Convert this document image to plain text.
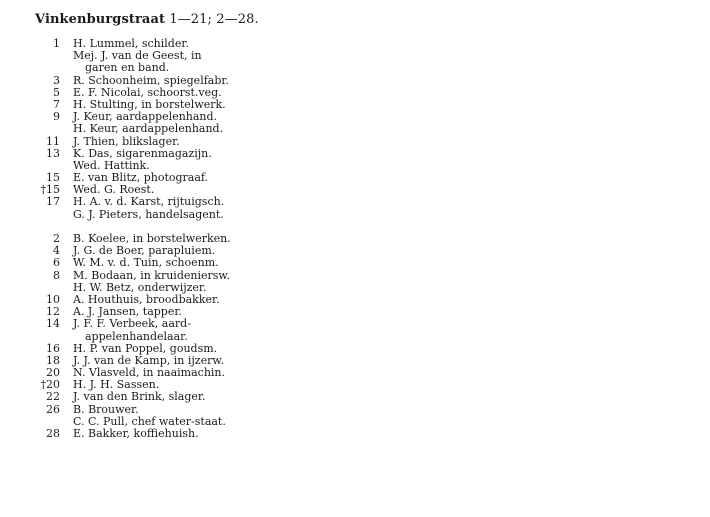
Vinkenburgstraat 1—21; 2—28.
1 H. Lummel, schilder.
Mej. J. van de Geest, in
garen en band.
3 R. Schoonheim, spiegelfabr.
5 E. F. Nicolai, schoorst.veg.
7 H. Stulting, in borstelwerk.
9 J. Keur, aardappelenhand.
H. Keur, aardappelenhand.
11 J. Thien, blikslager.
13 K. Das, sigarenmagazijn.
Wed. Hattink.
15 E. van Blitz, photograaf.
†15 Wed. G. Roest.
17 H. A. v. d. Karst, rijtuigsch.
G. J. Pieters, handelsagent.
2 B. Koelee, in borstelwerken.
4 J. G. de Boer, parapluiem.
6 W. M. v. d. Tuin, schoenm.
8 M. Bodaan, in kruideniersw.
H. W. Betz, onderwijzer.
10 A. Houthuis, broodbakker.
12 A. J. Jansen, tapper.
14 J. F. F. Verbeek, aard-
appelenhandelaar.
16 H. P. van Poppel, goudsm.
18 J. J. van de Kamp, in ijzerw.
20 N. Vlasveld, in naaimachin.
†20 H. J. H. Sassen.
22 J. van den Brink, slager.
26 B. Brouwer.
C. C. Pull, chef water-staat.
28 E. Bakker, koffiehuish.
